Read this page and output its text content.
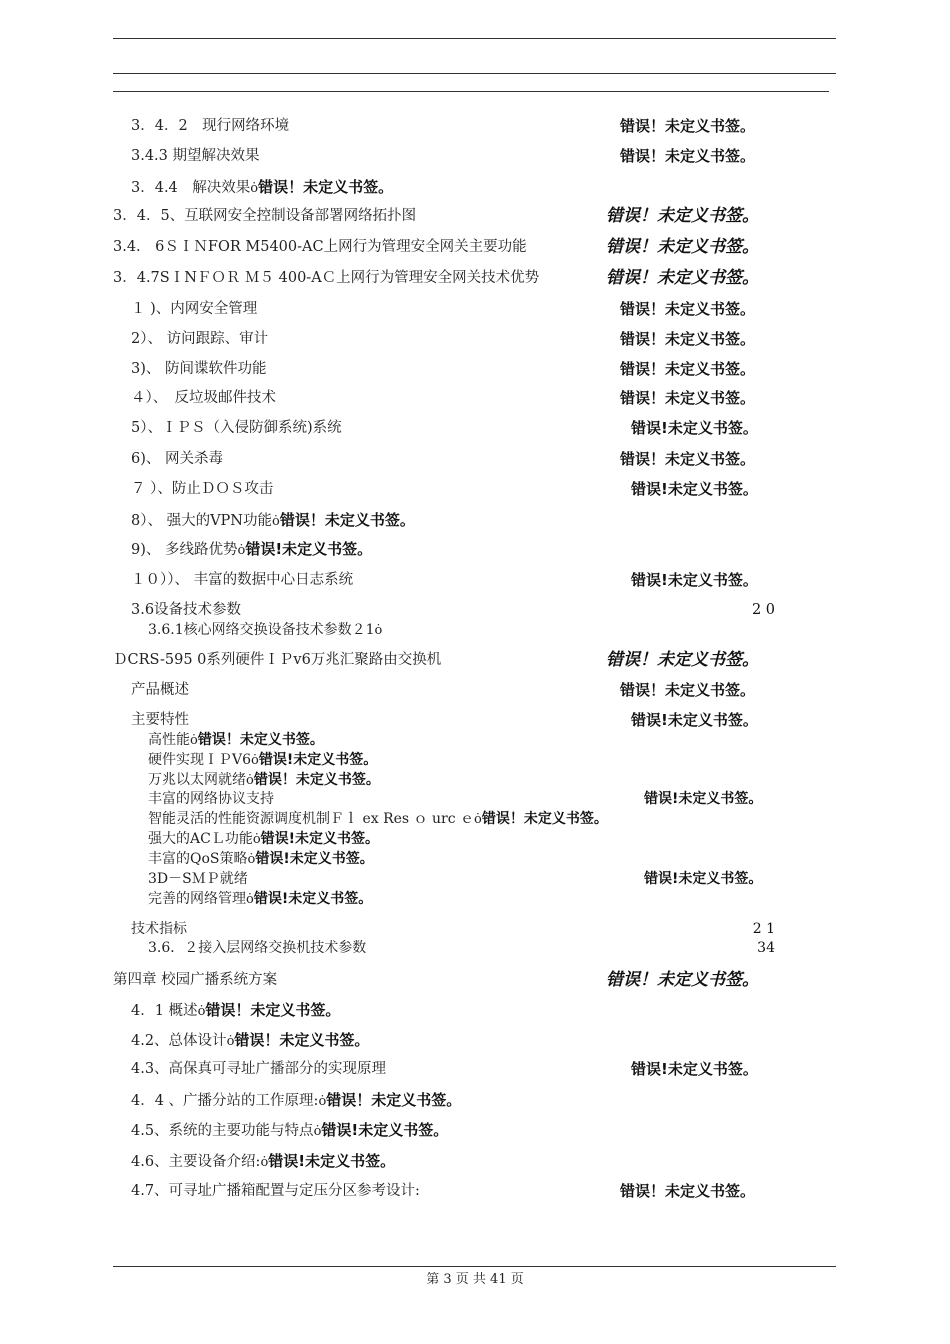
3．4．2　现行网络环境	错误！未定义书签。
3.4.3 期望解决效果	错误！未定义书签。
3．4.4　解决效果ȯ错误！未定义书签。
3．4．5、互联网安全控制设备部署网络拓扑图	错误！未定义书签。
3.4.　6ＳＩＮFOR M5400-AC上网行为管理安全网关主要功能	错误！未定义书签。
3．4.7SＩNＦＯＲ Ｍ５ 400-AＣ上网行为管理安全网关技术优势	错误！未定义书签。
１ )、内网安全管理	错误！未定义书签。
2）、 访问跟踪、审计	错误！未定义书签。
3)、 防间谍软件功能	错误！未定义书签。
４）、　反垃圾邮件技术	错误！未定义书签。
5）、ＩＰＳ（入侵防御系统)系统	错误!未定义书签。
6)、 网关杀毒	错误！未定义书签。
７ ）、防止ＤＯＳ攻击	错误!未定义书签。
8）、 强大的VPN功能ȯ错误！未定义书签。
9)、 多线路优势ȯ错误!未定义书签。
１０））、 丰富的数据中心日志系统	错误!未定义书签。
3.6设备技术参数	2 0
3.6.1核心网络交换设备技术参数２1ȯ
ＤCRS-595 0系列硬件ＩＰv6万兆汇聚路由交换机	错误！未定义书签。
产品概述	错误！未定义书签。
主要特性	错误!未定义书签。
高性能ȯ错误！未定义书签。
硬件实现ＩＰV6ȯ错误!未定义书签。
万兆以太网就绪ȯ错误！未定义书签。
丰富的网络协议支持	错误!未定义书签。
智能灵活的性能资源调度机制Ｆｌ ex Res ｏ urc ｅȯ错误！未定义书签。
强大的ACＬ功能ȯ错误!未定义书签。
丰富的QoS策略ȯ错误!未定义书签。
3D－SＭＰ就绪	错误!未定义书签。
完善的网络管理ȯ错误!未定义书签。
技术指标	2 1
3.6．２接入层网络交换机技术参数	34
第四章 校园广播系统方案	错误！未定义书签。
4．1 概述ȯ错误！未定义书签。
4.2、总体设计ȯ错误！未定义书签。
4.3、高保真可寻址广播部分的实现原理	错误!未定义书签。
4．4 、广播分站的工作原理:ȯ错误！未定义书签。
4.5、系统的主要功能与特点ȯ错误!未定义书签。
4.6、主要设备介绍:ȯ错误!未定义书签。
4.7、可寻址广播箱配置与定压分区参考设计:	错误！未定义书签。
第 3 页 共 41 页
